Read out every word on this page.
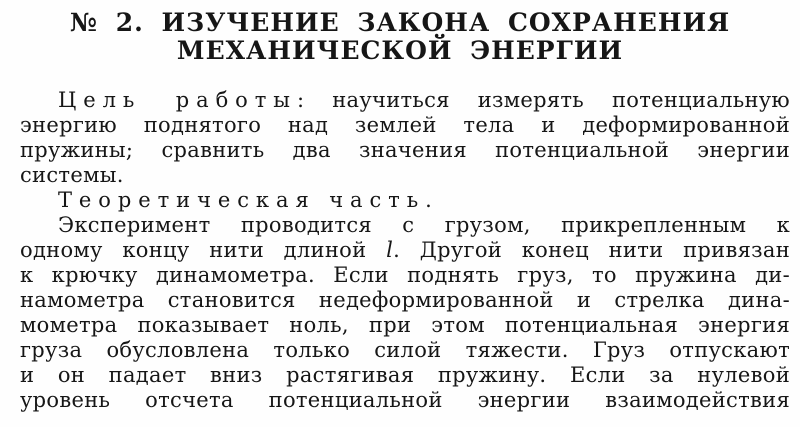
№ 2. ИЗУЧЕНИЕ ЗАКОНА СОХРАНЕНИЯ
МЕХАНИЧЕСКОЙ ЭНЕРГИИ
Цель работы: научиться измерять потенциальную
энергию поднятого над землей тела и деформированной
пружины; сравнить два значения потенциальной энергии
системы.
Теоретическая часть.
Эксперимент проводится с грузом, прикрепленным к
одному концу нити длиной l. Другой конец нити привязан
к крючку динамометра. Если поднять груз, то пружина ди-
намометра становится недеформированной и стрелка дина-
мометра показывает ноль, при этом потенциальная энергия
груза обусловлена только силой тяжести. Груз отпускают
и он падает вниз растягивая пружину. Если за нулевой
уровень отсчета потенциальной энергии взаимодействия
